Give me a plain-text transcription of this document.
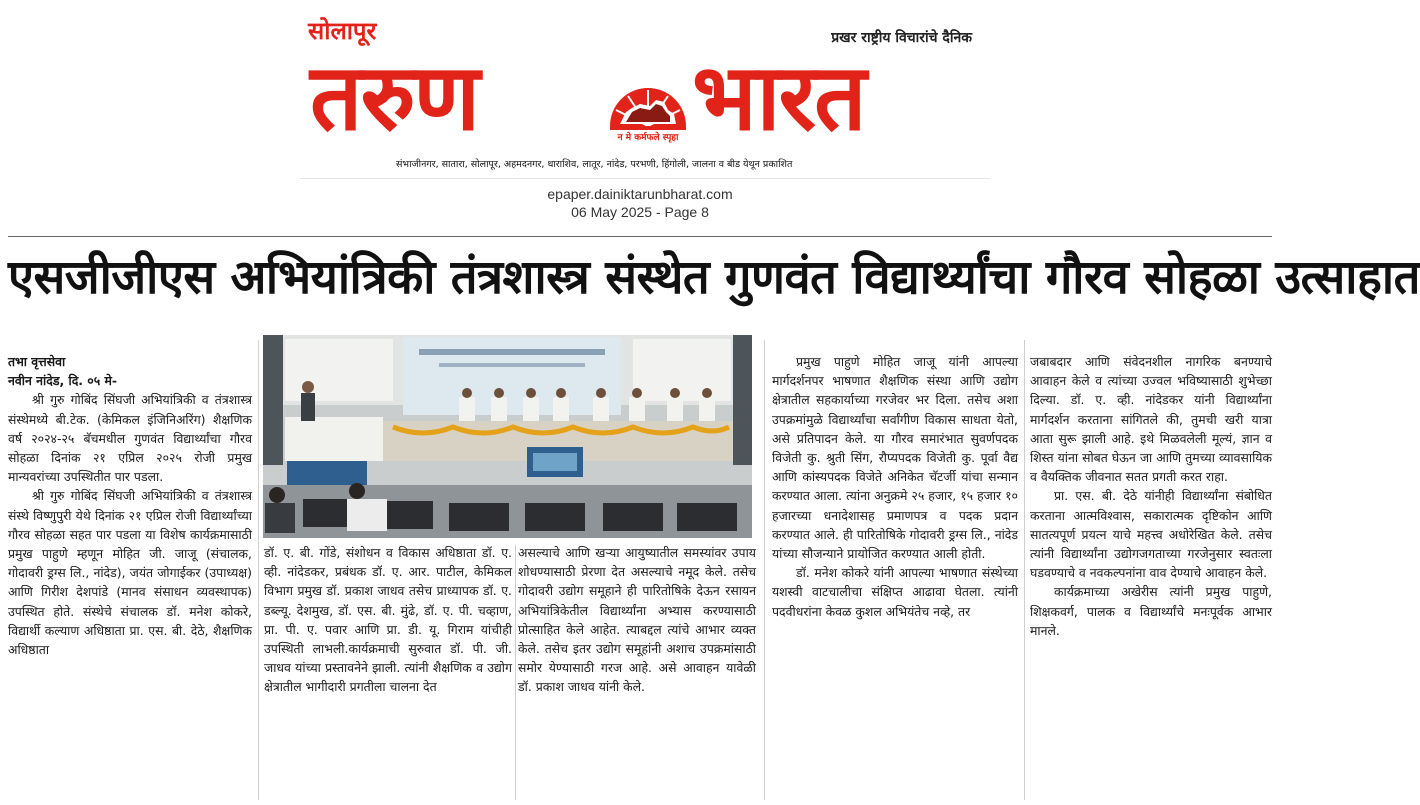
सोलापूर	प्रखर राष्ट्रीय विचारांचे दैनिक
तरुण	न मे कर्मफले स्पृहा भारत
संभाजीनगर, सातारा, सोलापूर, अहमदनगर, धाराशिव, लातूर, नांदेड, परभणी, हिंगोली, जालना व बीड येथून प्रकाशित
epaper.dainiktarunbharat.com
06 May 2025 - Page 8
एसजीजीएस अभियांत्रिकी तंत्रशास्त्र संस्थेत गुणवंत विद्यार्थ्यांचा गौरव सोहळा उत्साहात
तभा वृत्तसेवा
नवीन नांदेड, दि. ०५ मे-

श्री गुरु गोबिंद सिंघजी अभियांत्रिकी व तंत्रशास्त्र संस्थेमध्ये बी.टेक. (केमिकल इंजिनिअरिंग) शैक्षणिक वर्ष २०२४-२५ बॅचमधील गुणवंत विद्यार्थ्यांचा गौरव सोहळा दिनांक २१ एप्रिल २०२५ रोजी प्रमुख मान्यवरांच्या उपस्थितीत पार पडला.

श्री गुरु गोबिंद सिंघजी अभियांत्रिकी व तंत्रशास्त्र संस्थे विष्णुपुरी येथे दिनांक २१ एप्रिल रोजी विद्यार्थ्यांच्या गौरव सोहळा सहत पार पडला या विशेष कार्यक्रमासाठी प्रमुख पाहुणे म्हणून मोहित जी. जाजू (संचालक, गोदावरी ड्रग्स लि., नांदेड), जयंत जोगाईकर (उपाध्यक्ष) आणि गिरीश देशपांडे (मानव संसाधन व्यवस्थापक) उपस्थित होते. संस्थेचे संचालक डॉ. मनेश कोकरे, विद्यार्थी कल्याण अधिष्ठाता प्रा. एस. बी. देठे, शैक्षणिक अधिष्ठाता

डॉ. ए. बी. गोंडे, संशोधन व विकास अधिष्ठाता डॉ. ए. व्ही. नांदेडकर, प्रबंधक डॉ. ए. आर. पाटील, केमिकल विभाग प्रमुख डॉ. प्रकाश जाधव तसेच प्राध्यापक डॉ. ए. डब्ल्यू. देशमुख, डॉ. एस. बी. मुंढे, डॉ. ए. पी. चव्हाण, प्रा. पी. ए. पवार आणि प्रा. डी. यू. गिराम यांचीही उपस्थिती लाभली.कार्यक्रमाची सुरुवात डॉ. पी. जी. जाधव यांच्या प्रस्तावनेने झाली. त्यांनी शैक्षणिक व उद्योग क्षेत्रातील भागीदारी प्रगतीला चालना देत
असल्याचे आणि खऱ्या आयुष्यातील समस्यांवर उपाय शोधण्यासाठी प्रेरणा देत असल्याचे नमूद केले. तसेच गोदावरी उद्योग समूहाने ही पारितोषिके देऊन रसायन अभियांत्रिकेतील विद्यार्थ्यांना अभ्यास करण्यासाठी प्रोत्साहित केले आहेत. त्याबद्दल त्यांचे आभार व्यक्त केले. तसेच इतर उद्योग समूहांनी अशाच उपक्रमांसाठी समोर येण्यासाठी गरज आहे. असे आवाहन यावेळी डॉ. प्रकाश जाधव यांनी केले.

प्रमुख पाहुणे मोहित जाजू यांनी आपल्या मार्गदर्शनपर भाषणात शैक्षणिक संस्था आणि उद्योग क्षेत्रातील सहकार्याच्या गरजेवर भर दिला. तसेच अशा उपक्रमांमुळे विद्यार्थ्यांचा सर्वांगीण विकास साधता येतो, असे प्रतिपादन केले. या गौरव समारंभात सुवर्णपदक विजेती कु. श्रुती सिंग, रौप्यपदक विजेती कु. पूर्वा वैद्य आणि कांस्यपदक विजेते अनिकेत चॅटर्जी यांचा सन्मान करण्यात आला. त्यांना अनुक्रमे २५ हजार, १५ हजार १० हजारच्या धनादेशासह प्रमाणपत्र व पदक प्रदान करण्यात आले. ही पारितोषिके गोदावरी ड्रग्स लि., नांदेड यांच्या सौजन्याने प्रायोजित करण्यात आली होती.

डॉ. मनेश कोकरे यांनी आपल्या भाषणात संस्थेच्या यशस्वी वाटचालीचा संक्षिप्त आढावा घेतला. त्यांनी पदवीधरांना केवळ कुशल अभियंतेच नव्हे, तर

जबाबदार आणि संवेदनशील नागरिक बनण्याचे आवाहन केले व त्यांच्या उज्वल भविष्यासाठी शुभेच्छा दिल्या. डॉ. ए. व्ही. नांदेडकर यांनी विद्यार्थ्यांना मार्गदर्शन करताना सांगितले की, तुमची खरी यात्रा आता सुरू झाली आहे. इथे मिळवलेली मूल्यं, ज्ञान व शिस्त यांना सोबत घेऊन जा आणि तुमच्या व्यावसायिक व वैयक्तिक जीवनात सतत प्रगती करत राहा.

प्रा. एस. बी. देठे यांनीही विद्यार्थ्यांना संबोधित करताना आत्मविश्वास, सकारात्मक दृष्टिकोन आणि सातत्यपूर्ण प्रयत्न याचे महत्त्व अधोरेखित केले. तसेच त्यांनी विद्यार्थ्यांना उद्योगजगताच्या गरजेनुसार स्वतःला घडवण्याचे व नवकल्पनांना वाव देण्याचे आवाहन केले.

कार्यक्रमाच्या अखेरीस त्यांनी प्रमुख पाहुणे, शिक्षकवर्ग, पालक व विद्यार्थ्यांचे मनःपूर्वक आभार मानले.
